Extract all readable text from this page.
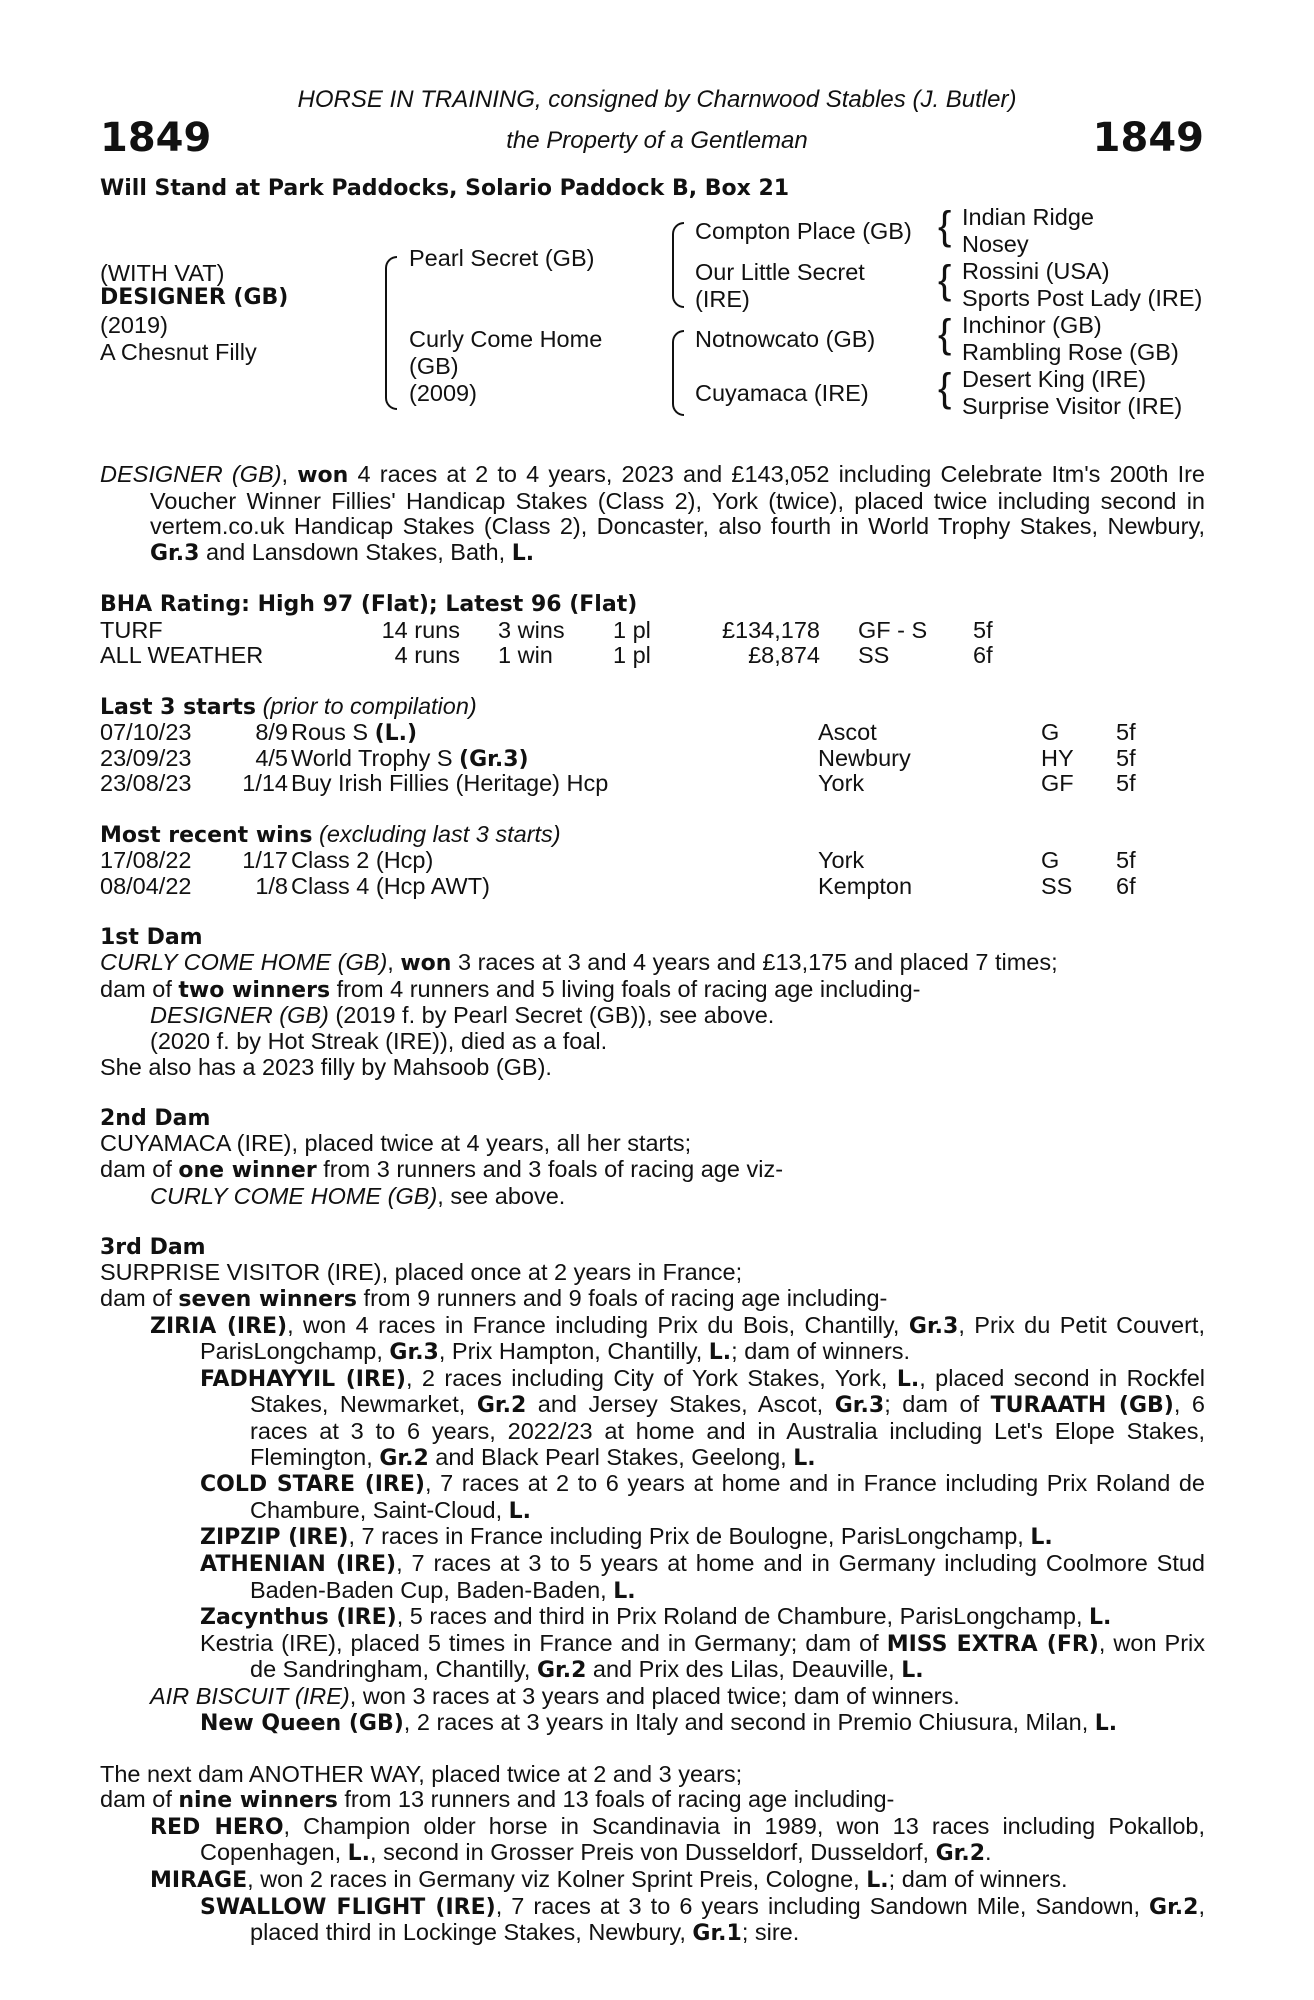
HORSE IN TRAINING, consigned by Charnwood Stables (J. Butler)
the Property of a Gentleman
1849	1849
Will Stand at Park Paddocks, Solario Paddock B, Box 21
(WITH VAT)
DESIGNER (GB)
(2019)
A Chesnut Filly
Pearl Secret (GB)
Curly Come Home
(GB)
(2009)
Compton Place (GB)
Our Little Secret
(IRE)
Notnowcato (GB)
Cuyamaca (IRE)
{
{
{
{
Indian Ridge
Nosey
Rossini (USA)
Sports Post Lady (IRE)
Inchinor (GB)
Rambling Rose (GB)
Desert King (IRE)
Surprise Visitor (IRE)

DESIGNER (GB), won 4 races at 2 to 4 years, 2023 and £143,052 including Celebrate Itm's 200th Ire Voucher Winner Fillies' Handicap Stakes (Class 2), York (twice), placed twice including second in vertem.co.uk Handicap Stakes (Class 2), Doncaster, also fourth in World Trophy Stakes, Newbury, Gr.3 and Lansdown Stakes, Bath, L.

BHA Rating: High 97 (Flat); Latest 96 (Flat)
TURF	14 runs 3 wins 1 pl	£134,178 GF - S 5f
ALL WEATHER	4 runs 1 win	1 pl	£8,874 SS	6f
Last 3 starts (prior to compilation)
07/10/23	8/9 Rous S (L.)	Ascot	G 5f
23/09/23	4/5 World Trophy S (Gr.3)	Newbury	HY 5f
23/08/23 1/14 Buy Irish Fillies (Heritage) Hcp	York	GF 5f
Most recent wins (excluding last 3 starts)
17/08/22 1/17 Class 2 (Hcp)	York	G 5f
08/04/22	1/8 Class 4 (Hcp AWT)	Kempton	SS 6f
1st Dam

CURLY COME HOME (GB), won 3 races at 3 and 4 years and £13,175 and placed 7 times;

dam of two winners from 4 runners and 5 living foals of racing age including-

DESIGNER (GB) (2019 f. by Pearl Secret (GB)), see above.

(2020 f. by Hot Streak (IRE)), died as a foal.

She also has a 2023 filly by Mahsoob (GB).

2nd Dam

CUYAMACA (IRE), placed twice at 4 years, all her starts;

dam of one winner from 3 runners and 3 foals of racing age viz-

CURLY COME HOME (GB), see above.

3rd Dam

SURPRISE VISITOR (IRE), placed once at 2 years in France;

dam of seven winners from 9 runners and 9 foals of racing age including-

ZIRIA (IRE), won 4 races in France including Prix du Bois, Chantilly, Gr.3, Prix du Petit Couvert, ParisLongchamp, Gr.3, Prix Hampton, Chantilly, L.; dam of winners.

FADHAYYIL (IRE), 2 races including City of York Stakes, York, L., placed second in Rockfel Stakes, Newmarket, Gr.2 and Jersey Stakes, Ascot, Gr.3; dam of TURAATH (GB), 6 races at 3 to 6 years, 2022/23 at home and in Australia including Let's Elope Stakes, Flemington, Gr.2 and Black Pearl Stakes, Geelong, L.

COLD STARE (IRE), 7 races at 2 to 6 years at home and in France including Prix Roland de Chambure, Saint-Cloud, L.

ZIPZIP (IRE), 7 races in France including Prix de Boulogne, ParisLongchamp, L.

ATHENIAN (IRE), 7 races at 3 to 5 years at home and in Germany including Coolmore Stud Baden-Baden Cup, Baden-Baden, L.

Zacynthus (IRE), 5 races and third in Prix Roland de Chambure, ParisLongchamp, L.

Kestria (IRE), placed 5 times in France and in Germany; dam of MISS EXTRA (FR), won Prix de Sandringham, Chantilly, Gr.2 and Prix des Lilas, Deauville, L.

AIR BISCUIT (IRE), won 3 races at 3 years and placed twice; dam of winners.

New Queen (GB), 2 races at 3 years in Italy and second in Premio Chiusura, Milan, L.

The next dam ANOTHER WAY, placed twice at 2 and 3 years;

dam of nine winners from 13 runners and 13 foals of racing age including-

RED HERO, Champion older horse in Scandinavia in 1989, won 13 races including Pokallob, Copenhagen, L., second in Grosser Preis von Dusseldorf, Dusseldorf, Gr.2.

MIRAGE, won 2 races in Germany viz Kolner Sprint Preis, Cologne, L.; dam of winners.

SWALLOW FLIGHT (IRE), 7 races at 3 to 6 years including Sandown Mile, Sandown, Gr.2, placed third in Lockinge Stakes, Newbury, Gr.1; sire.
